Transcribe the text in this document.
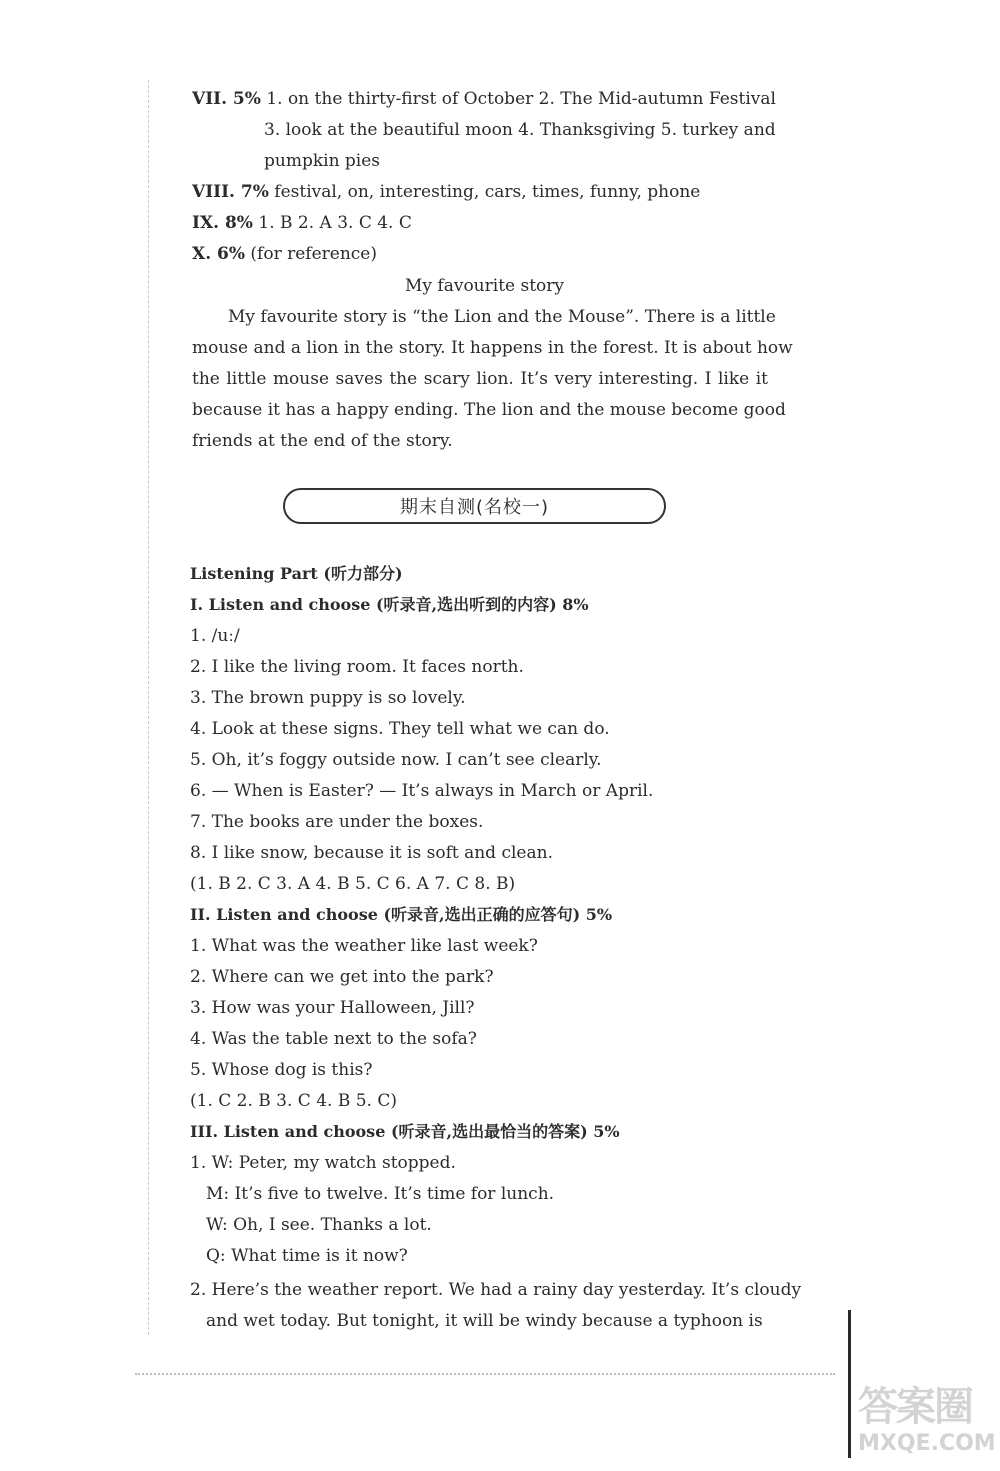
VII. 5% 1. on the thirty-first of October 2. The Mid-autumn Festival
3. look at the beautiful moon 4. Thanksgiving 5. turkey and
pumpkin pies
VIII. 7% festival, on, interesting, cars, times, funny, phone
IX. 8% 1. B 2. A 3. C 4. C
X. 6% (for reference)
My favourite story
My favourite story is “the Lion and the Mouse”. There is a little
mouse and a lion in the story. It happens in the forest. It is about how
the little mouse saves the scary lion. It’s very interesting. I like it
because it has a happy ending. The lion and the mouse become good
friends at the end of the story.
期末自测(名校一)
Listening Part (听力部分)
I. Listen and choose (听录音,选出听到的内容) 8%
1. /uː/
2. I like the living room. It faces north.
3. The brown puppy is so lovely.
4. Look at these signs. They tell what we can do.
5. Oh, it’s foggy outside now. I can’t see clearly.
6. — When is Easter? — It’s always in March or April.
7. The books are under the boxes.
8. I like snow, because it is soft and clean.
(1. B 2. C 3. A 4. B 5. C 6. A 7. C 8. B)
II. Listen and choose (听录音,选出正确的应答句) 5%
1. What was the weather like last week?
2. Where can we get into the park?
3. How was your Halloween, Jill?
4. Was the table next to the sofa?
5. Whose dog is this?
(1. C 2. B 3. C 4. B 5. C)
III. Listen and choose (听录音,选出最恰当的答案) 5%
1. W: Peter, my watch stopped.
M: It’s five to twelve. It’s time for lunch.
W: Oh, I see. Thanks a lot.
Q: What time is it now?
2. Here’s the weather report. We had a rainy day yesterday. It’s cloudy
and wet today. But tonight, it will be windy because a typhoon is
答案圈
MXQE.COM
